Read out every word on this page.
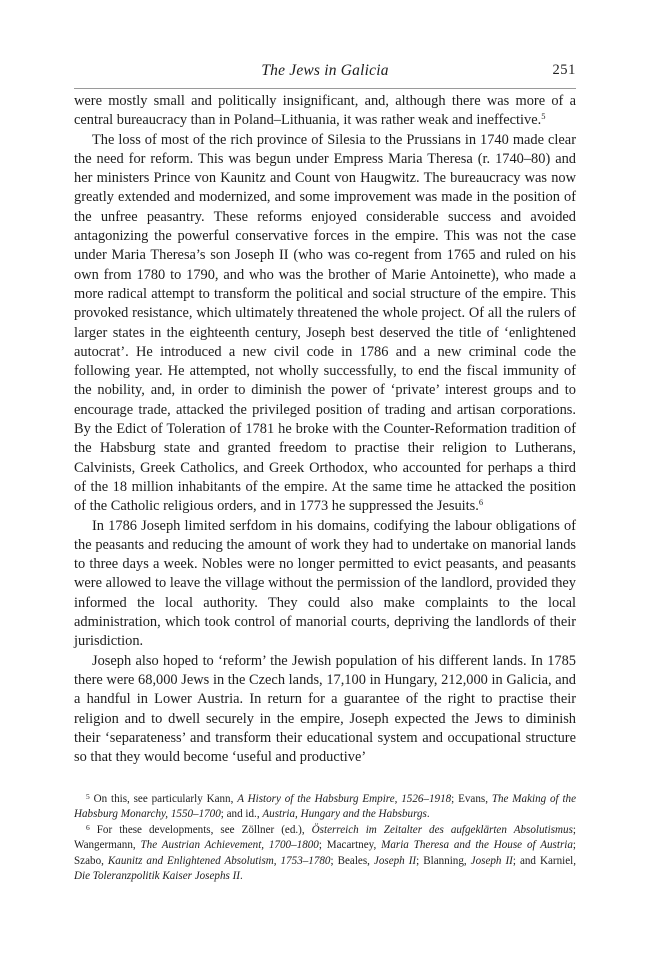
The Jews in Galicia	251

were mostly small and politically insignificant, and, although there was more of a central bureaucracy than in Poland–Lithuania, it was rather weak and ineffective.$^5$

The loss of most of the rich province of Silesia to the Prussians in 1740 made clear the need for reform. This was begun under Empress Maria Theresa (r. 1740–80) and her ministers Prince von Kaunitz and Count von Haugwitz. The bureaucracy was now greatly extended and modernized, and some improvement was made in the position of the unfree peasantry. These reforms enjoyed considerable success and avoided antagonizing the powerful conservative forces in the empire. This was not the case under Maria Theresa’s son Joseph II (who was co-regent from 1765 and ruled on his own from 1780 to 1790, and who was the brother of Marie Antoinette), who made a more radical attempt to transform the political and social structure of the empire. This provoked resistance, which ultimately threatened the whole project. Of all the rulers of larger states in the eighteenth century, Joseph best deserved the title of ‘enlightened autocrat’. He introduced a new civil code in 1786 and a new criminal code the following year. He attempted, not wholly successfully, to end the fiscal immunity of the nobility, and, in order to diminish the power of ‘private’ interest groups and to encourage trade, attacked the privileged position of trading and artisan corporations. By the Edict of Toleration of 1781 he broke with the Counter-Reformation tradition of the Habsburg state and granted freedom to practise their religion to Lutherans, Calvinists, Greek Catholics, and Greek Orthodox, who accounted for perhaps a third of the 18 million inhabitants of the empire. At the same time he attacked the position of the Catholic religious orders, and in 1773 he suppressed the Jesuits.$^6$

In 1786 Joseph limited serfdom in his domains, codifying the labour obligations of the peasants and reducing the amount of work they had to undertake on manorial lands to three days a week. Nobles were no longer permitted to evict peasants, and peasants were allowed to leave the village without the permission of the landlord, provided they informed the local authority. They could also make complaints to the local administration, which took control of manorial courts, depriving the landlords of their jurisdiction.

Joseph also hoped to ‘reform’ the Jewish population of his different lands. In 1785 there were 68,000 Jews in the Czech lands, 17,100 in Hungary, 212,000 in Galicia, and a handful in Lower Austria. In return for a guarantee of the right to practise their religion and to dwell securely in the empire, Joseph expected the Jews to diminish their ‘separateness’ and transform their educational system and occupational structure so that they would become ‘useful and productive’

$^5$ On this, see particularly Kann, A History of the Habsburg Empire, 1526–1918; Evans, The Making of the Habsburg Monarchy, 1550–1700; and id., Austria, Hungary and the Habsburgs.

$^6$ For these developments, see Zöllner (ed.), Österreich im Zeitalter des aufgeklärten Absolutismus; Wangermann, The Austrian Achievement, 1700–1800; Macartney, Maria Theresa and the House of Austria; Szabo, Kaunitz and Enlightened Absolutism, 1753–1780; Beales, Joseph II; Blanning, Joseph II; and Karniel, Die Toleranzpolitik Kaiser Josephs II.
